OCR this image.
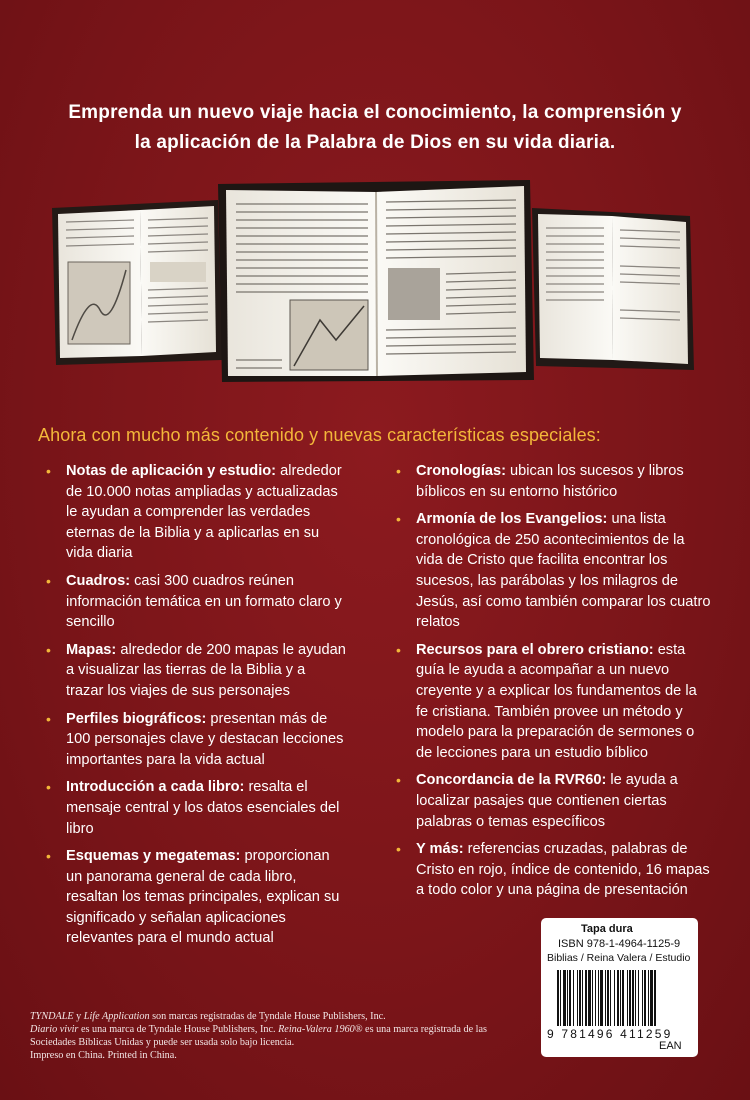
Emprenda un nuevo viaje hacia el conocimiento, la comprensión y
la aplicación de la Palabra de Dios en su vida diaria.
Ahora con mucho más contenido y nuevas características especiales:
• Notas de aplicación y estudio: alrededor de 10.000 notas ampliadas y actualizadas le ayudan a comprender las verdades eternas de la Biblia y a aplicarlas en su vida diaria
• Cuadros: casi 300 cuadros reúnen información temática en un formato claro y sencillo
• Mapas: alrededor de 200 mapas le ayudan a visualizar las tierras de la Biblia y a trazar los viajes de sus personajes
• Perfiles biográficos: presentan más de 100 personajes clave y destacan lecciones importantes para la vida actual
• Introducción a cada libro: resalta el mensaje central y los datos esenciales del libro
• Esquemas y megatemas: proporcionan un panorama general de cada libro, resaltan los temas principales, explican su significado y señalan aplicaciones relevantes para el mundo actual
• Cronologías: ubican los sucesos y libros bíblicos en su entorno histórico
• Armonía de los Evangelios: una lista cronológica de 250 acontecimientos de la vida de Cristo que facilita encontrar los sucesos, las parábolas y los milagros de Jesús, así como también comparar los cuatro relatos
• Recursos para el obrero cristiano: esta guía le ayuda a acompañar a un nuevo creyente y a explicar los fundamentos de la fe cristiana. También provee un método y modelo para la preparación de sermones o de lecciones para un estudio bíblico
• Concordancia de la RVR60: le ayuda a localizar pasajes que contienen ciertas palabras o temas específicos
• Y más: referencias cruzadas, palabras de Cristo en rojo, índice de contenido, 16 mapas a todo color y una página de presentación
TYNDALE y Life Application son marcas registradas de Tyndale House Publishers, Inc.
Diario vivir es una marca de Tyndale House Publishers, Inc. Reina-Valera 1960® es una marca registrada de las Sociedades Bíblicas Unidas y puede ser usada solo bajo licencia.
Impreso en China. Printed in China.
Tapa dura
ISBN 978-1-4964-1125-9
Biblias / Reina Valera / Estudio
9 781496 411259
EAN
